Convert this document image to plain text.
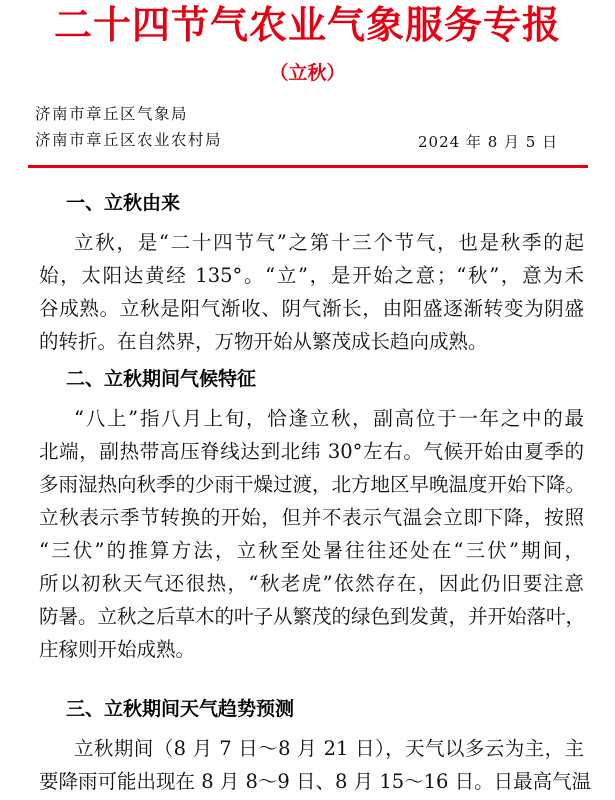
二十四节气农业气象服务专报
（立秋）
济南市章丘区气象局
济南市章丘区农业农村局	2024 年 8 月 5 日
一、立秋由来
立秋，是“二十四节气”之第十三个节气，也是秋季的起
始，太阳达黄经 135°。“立”，是开始之意；“秋”，意为禾
谷成熟。立秋是阳气渐收、阴气渐长，由阳盛逐渐转变为阴盛
的转折。在自然界，万物开始从繁茂成长趋向成熟。
二、立秋期间气候特征
“八上”指八月上旬，恰逢立秋，副高位于一年之中的最
北端，副热带高压脊线达到北纬 30°左右。气候开始由夏季的
多雨湿热向秋季的少雨干燥过渡，北方地区早晚温度开始下降。
立秋表示季节转换的开始，但并不表示气温会立即下降，按照
“三伏”的推算方法，立秋至处暑往往还处在“三伏”期间，
所以初秋天气还很热，“秋老虎”依然存在，因此仍旧要注意
防暑。立秋之后草木的叶子从繁茂的绿色到发黄，并开始落叶，
庄稼则开始成熟。
三、立秋期间天气趋势预测
立秋期间（8 月 7 日～8 月 21 日），天气以多云为主，主
要降雨可能出现在 8 月 8～9 日、8 月 15～16 日。日最高气温
